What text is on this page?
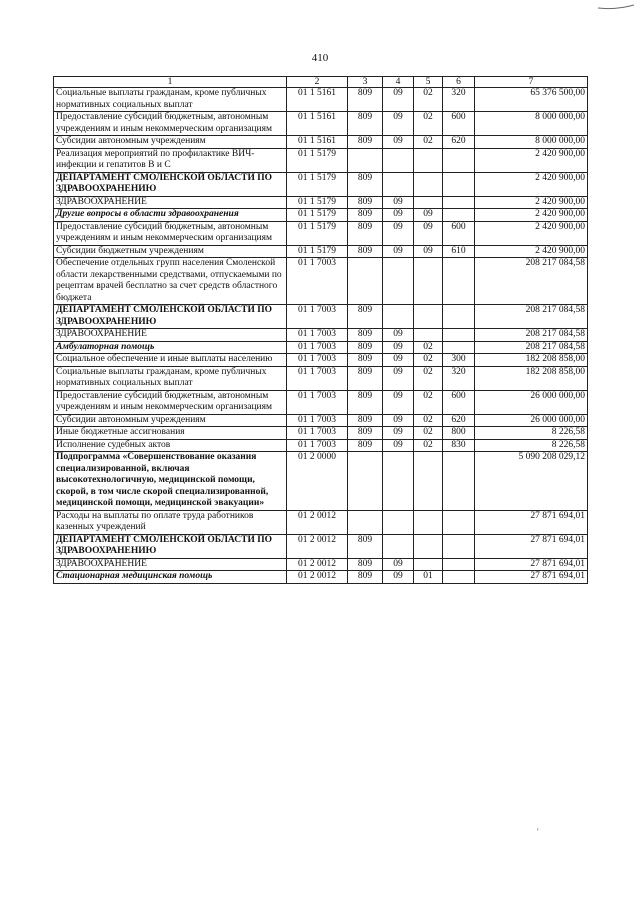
410
1	2	3	4	5	6	7
Социальные выплаты гражданам, кроме публичных нормативных социальных выплат	01 1 5161	809	09	02	320	65 376 500,00
Предоставление субсидий бюджетным, автономным учреждениям и иным некоммерческим организациям	01 1 5161	809	09	02	600	8 000 000,00
Субсидии автономным учреждениям	01 1 5161	809	09	02	620	8 000 000,00
Реализация мероприятий по профилактике ВИЧ-инфекции и гепатитов В и С	01 1 5179					2 420 900,00
ДЕПАРТАМЕНТ СМОЛЕНСКОЙ ОБЛАСТИ ПО ЗДРАВООХРАНЕНИЮ	01 1 5179	809				2 420 900,00
ЗДРАВООХРАНЕНИЕ	01 1 5179	809	09			2 420 900,00
Другие вопросы в области здравоохранения	01 1 5179	809	09	09		2 420 900,00
Предоставление субсидий бюджетным, автономным учреждениям и иным некоммерческим организациям	01 1 5179	809	09	09	600	2 420 900,00
Субсидии бюджетным учреждениям	01 1 5179	809	09	09	610	2 420 900,00
Обеспечение отдельных групп населения Смоленской области лекарственными средствами, отпускаемыми по рецептам врачей бесплатно за счет средств областного бюджета	01 1 7003					208 217 084,58
ДЕПАРТАМЕНТ СМОЛЕНСКОЙ ОБЛАСТИ ПО ЗДРАВООХРАНЕНИЮ	01 1 7003	809				208 217 084,58
ЗДРАВООХРАНЕНИЕ	01 1 7003	809	09			208 217 084,58
Амбулаторная помощь	01 1 7003	809	09	02		208 217 084,58
Социальное обеспечение и иные выплаты населению	01 1 7003	809	09	02	300	182 208 858,00
Социальные выплаты гражданам, кроме публичных нормативных социальных выплат	01 1 7003	809	09	02	320	182 208 858,00
Предоставление субсидий бюджетным, автономным учреждениям и иным некоммерческим организациям	01 1 7003	809	09	02	600	26 000 000,00
Субсидии автономным учреждениям	01 1 7003	809	09	02	620	26 000 000,00
Иные бюджетные ассигнования	01 1 7003	809	09	02	800	8 226,58
Исполнение судебных актов	01 1 7003	809	09	02	830	8 226,58
Подпрограмма «Совершенствование оказания специализированной, включая высокотехнологичную, медицинской помощи, скорой, в том числе скорой специализированной, медицинской помощи, медицинской эвакуации»	01 2 0000					5 090 208 029,12
Расходы на выплаты по оплате труда работников казенных учреждений	01 2 0012					27 871 694,01
ДЕПАРТАМЕНТ СМОЛЕНСКОЙ ОБЛАСТИ ПО ЗДРАВООХРАНЕНИЮ	01 2 0012	809				27 871 694,01
ЗДРАВООХРАНЕНИЕ	01 2 0012	809	09			27 871 694,01
Стационарная медицинская помощь	01 2 0012	809	09	01		27 871 694,01
'
